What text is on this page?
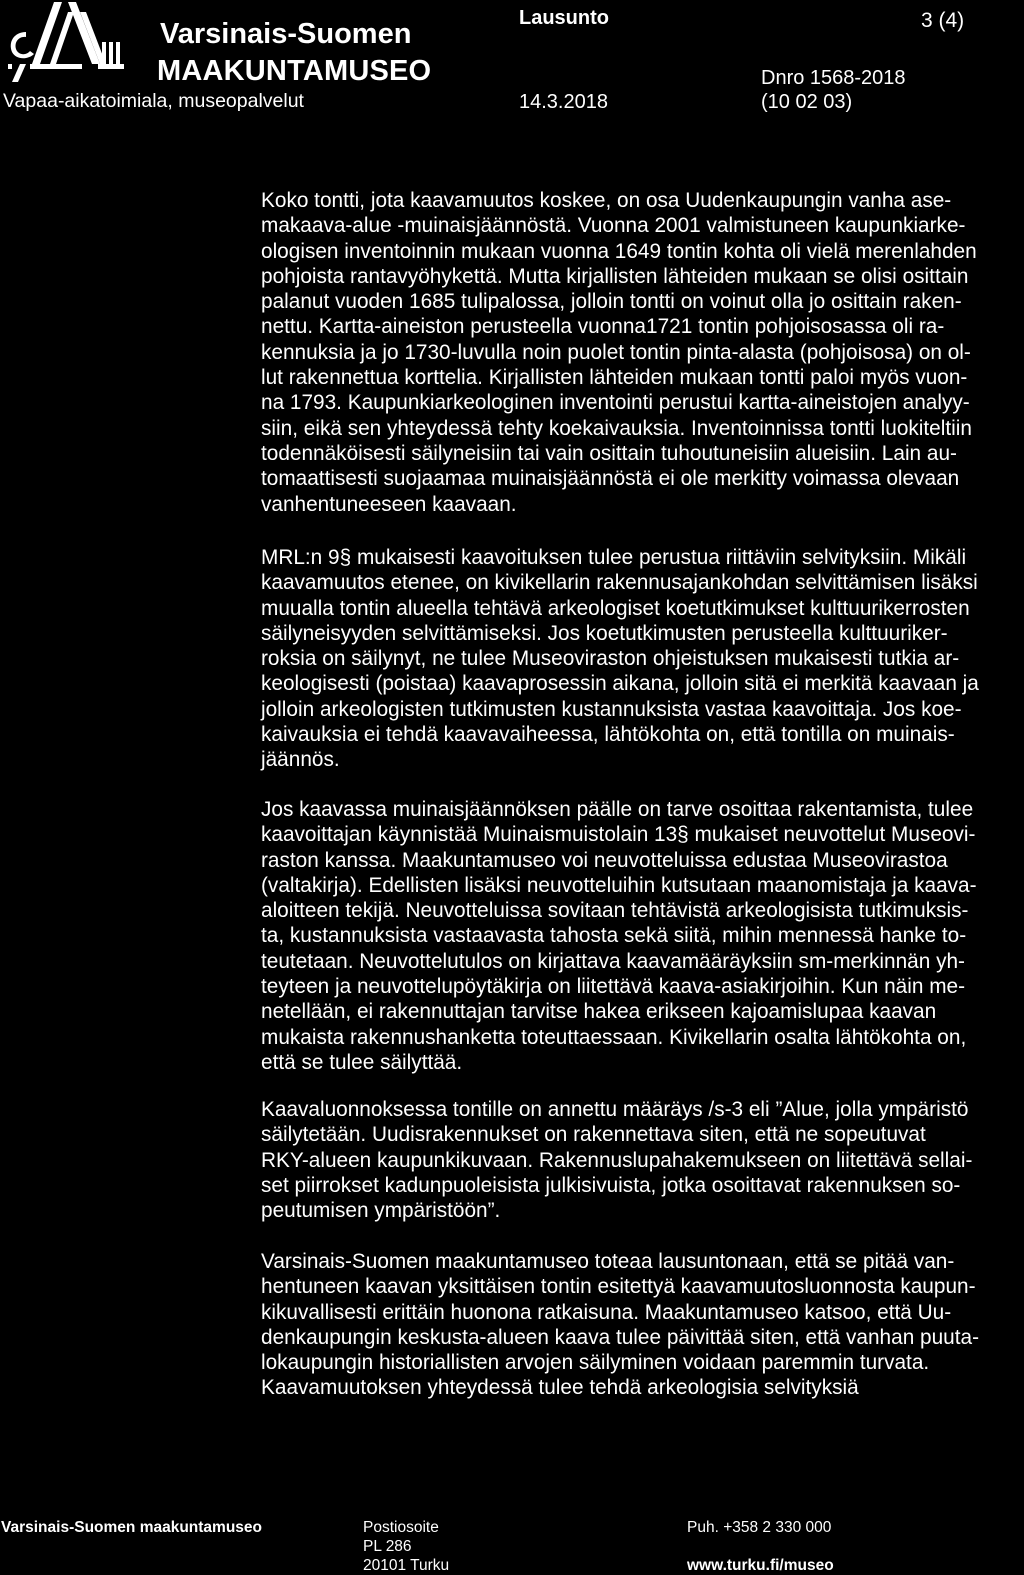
Varsinais-Suomen
MAAKUNTAMUSEO
Vapaa-aikatoimiala, museopalvelut
Lausunto	3 (4)
14.3.2018
Dnro 1568-2018
(10 02 03)
Koko tontti, jota kaavamuutos koskee, on osa Uudenkaupungin vanha ase-
makaava-alue -muinaisjäännöstä. Vuonna 2001 valmistuneen kaupunkiarke-
ologisen inventoinnin mukaan vuonna 1649 tontin kohta oli vielä merenlahden
pohjoista rantavyöhykettä. Mutta kirjallisten lähteiden mukaan se olisi osittain
palanut vuoden 1685 tulipalossa, jolloin tontti on voinut olla jo osittain raken-
nettu. Kartta-aineiston perusteella vuonna1721 tontin pohjoisosassa oli ra-
kennuksia ja jo 1730-luvulla noin puolet tontin pinta-alasta (pohjoisosa) on ol-
lut rakennettua korttelia. Kirjallisten lähteiden mukaan tontti paloi myös vuon-
na 1793. Kaupunkiarkeologinen inventointi perustui kartta-aineistojen analyy-
siin, eikä sen yhteydessä tehty koekaivauksia. Inventoinnissa tontti luokiteltiin
todennäköisesti säilyneisiin tai vain osittain tuhoutuneisiin alueisiin. Lain au-
tomaattisesti suojaamaa muinaisjäännöstä ei ole merkitty voimassa olevaan
vanhentuneeseen kaavaan.
MRL:n 9§ mukaisesti kaavoituksen tulee perustua riittäviin selvityksiin. Mikäli
kaavamuutos etenee, on kivikellarin rakennusajankohdan selvittämisen lisäksi
muualla tontin alueella tehtävä arkeologiset koetutkimukset kulttuurikerrosten
säilyneisyyden selvittämiseksi. Jos koetutkimusten perusteella kulttuuriker-
roksia on säilynyt, ne tulee Museoviraston ohjeistuksen mukaisesti tutkia ar-
keologisesti (poistaa) kaavaprosessin aikana, jolloin sitä ei merkitä kaavaan ja
jolloin arkeologisten tutkimusten kustannuksista vastaa kaavoittaja. Jos koe-
kaivauksia ei tehdä kaavavaiheessa, lähtökohta on, että tontilla on muinais-
jäännös.
Jos kaavassa muinaisjäännöksen päälle on tarve osoittaa rakentamista, tulee
kaavoittajan käynnistää Muinaismuistolain 13§ mukaiset neuvottelut Museovi-
raston kanssa. Maakuntamuseo voi neuvotteluissa edustaa Museovirastoa
(valtakirja). Edellisten lisäksi neuvotteluihin kutsutaan maanomistaja ja kaava-
aloitteen tekijä. Neuvotteluissa sovitaan tehtävistä arkeologisista tutkimuksis-
ta, kustannuksista vastaavasta tahosta sekä siitä, mihin mennessä hanke to-
teutetaan. Neuvottelutulos on kirjattava kaavamääräyksiin sm-merkinnän yh-
teyteen ja neuvottelupöytäkirja on liitettävä kaava-asiakirjoihin. Kun näin me-
netellään, ei rakennuttajan tarvitse hakea erikseen kajoamislupaa kaavan
mukaista rakennushanketta toteuttaessaan. Kivikellarin osalta lähtökohta on,
että se tulee säilyttää.
Kaavaluonnoksessa tontille on annettu määräys /s-3 eli ”Alue, jolla ympäristö
säilytetään. Uudisrakennukset on rakennettava siten, että ne sopeutuvat
RKY-alueen kaupunkikuvaan. Rakennuslupahakemukseen on liitettävä sellai-
set piirrokset kadunpuoleisista julkisivuista, jotka osoittavat rakennuksen so-
peutumisen ympäristöön”.
Varsinais-Suomen maakuntamuseo toteaa lausuntonaan, että se pitää van-
hentuneen kaavan yksittäisen tontin esitettyä kaavamuutosluonnosta kaupun-
kikuvallisesti erittäin huonona ratkaisuna. Maakuntamuseo katsoo, että Uu-
denkaupungin keskusta-alueen kaava tulee päivittää siten, että vanhan puuta-
lokaupungin historiallisten arvojen säilyminen voidaan paremmin turvata.
Kaavamuutoksen yhteydessä tulee tehdä arkeologisia selvityksiä
Varsinais-Suomen maakuntamuseo	Postiosoite
PL 286
20101 Turku
Puh. +358 2 330 000

www.turku.fi/museo
